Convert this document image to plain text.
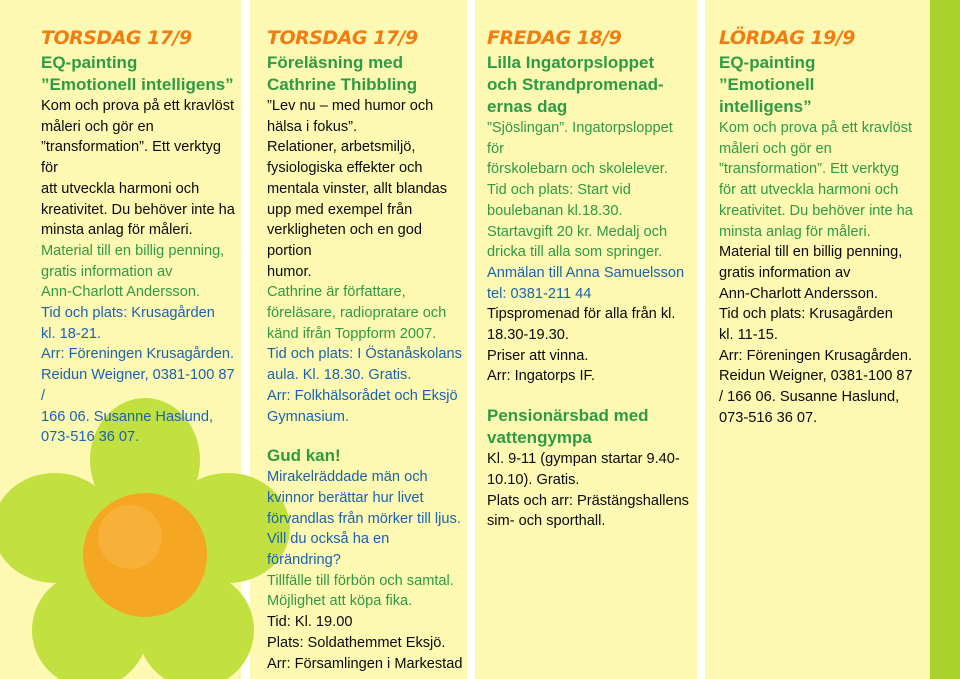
TORSDAG 17/9

EQ-painting
”Emotionell intelligens”

Kom och prova på ett kravlöst
måleri och gör en
”transformation”. Ett verktyg för
att utveckla harmoni och
kreativitet. Du behöver inte ha
minsta anlag för måleri.

Material till en billig penning,
gratis information av
Ann-Charlott Andersson.

Tid och plats: Krusagården
kl. 18-21.
Arr: Föreningen Krusagården.
Reidun Weigner, 0381-100 87 /
166 06. Susanne Haslund,
073-516 36 07.

TORSDAG 17/9

Föreläsning med
Cathrine Thibbling

”Lev nu – med humor och
hälsa i fokus”.
Relationer, arbetsmiljö,
fysiologiska effekter och
mentala vinster, allt blandas
upp med exempel från
verkligheten och en god portion
humor.

Cathrine är författare,
föreläsare, radiopratare och
känd ifrån Toppform 2007.

Tid och plats: I Östanåskolans
aula. Kl. 18.30. Gratis.
Arr: Folkhälsorådet och Eksjö
Gymnasium.

Gud kan!

Mirakelräddade män och
kvinnor berättar hur livet
förvandlas från mörker till ljus.
Vill du också ha en förändring?

Tillfälle till förbön och samtal.
Möjlighet att köpa fika.

Tid: Kl. 19.00
Plats: Soldathemmet Eksjö.
Arr: Församlingen i Markestad

FREDAG 18/9

Lilla Ingatorpsloppet
och Strandpromenad-
ernas dag

”Sjöslingan”. Ingatorpsloppet för
förskolebarn och skolelever.
Tid och plats: Start vid
boulebanan kl.18.30.
Startavgift 20 kr. Medalj och
dricka till alla som springer.

Anmälan till Anna Samuelsson
tel: 0381-211 44

Tipspromenad för alla från kl.
18.30-19.30.
Priser att vinna.
Arr: Ingatorps IF.

Pensionärsbad med
vattengympa

Kl. 9-11 (gympan startar 9.40-
10.10). Gratis.
Plats och arr: Prästängshallens
sim- och sporthall.

LÖRDAG 19/9

EQ-painting
”Emotionell
intelligens”

Kom och prova på ett kravlöst
måleri och gör en
”transformation”. Ett verktyg
för att utveckla harmoni och
kreativitet. Du behöver inte ha
minsta anlag för måleri.

Material till en billig penning,
gratis information av
Ann-Charlott Andersson.
Tid och plats: Krusagården
kl. 11-15.
Arr: Föreningen Krusagården.
Reidun Weigner, 0381-100 87
/ 166 06. Susanne Haslund,
073-516 36 07.
